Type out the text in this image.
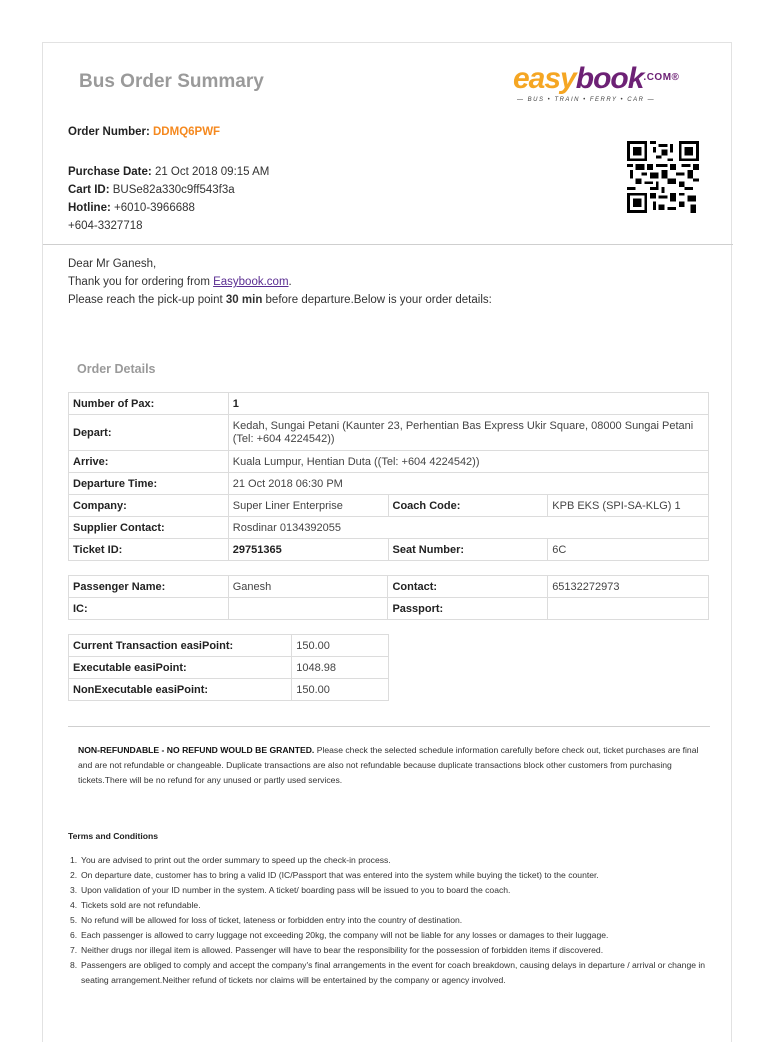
Bus Order Summary	easybook$^{.COM®}$
— BUS • TRAIN • FERRY • CAR —
Order Number: DDMQ6PWF
Purchase Date: 21 Oct 2018 09:15 AM
Cart ID: BUSe82a330c9ff543f3a
Hotline: +6010-3966688
+604-3327718
Dear Mr Ganesh,
Thank you for ordering from Easybook.com.
Please reach the pick-up point 30 min before departure.Below is your order details:
Order Details
Number of Pax:	1		
Depart:	Kedah, Sungai Petani (Kaunter 23, Perhentian Bas Express Ukir Square, 08000 Sungai Petani (Tel: +604 4224542))		
Arrive:	Kuala Lumpur, Hentian Duta ((Tel: +604 4224542))		
Departure Time:	21 Oct 2018 06:30 PM		
Company:	Super Liner Enterprise	Coach Code:	KPB EKS (SPI-SA-KLG) 1
Supplier Contact:	Rosdinar 0134392055		
Ticket ID:	29751365	Seat Number:	6C
Passenger Name:	Ganesh	Contact:	65132272973
IC:		Passport:	
Current Transaction easiPoint:	150.00
Executable easiPoint:	1048.98
NonExecutable easiPoint:	150.00
NON-REFUNDABLE - NO REFUND WOULD BE GRANTED. Please check the selected schedule information carefully before check out, ticket purchases are final and are not refundable or changeable. Duplicate transactions are also not refundable because duplicate transactions block other customers from purchasing tickets.There will be no refund for any unused or partly used services.
Terms and Conditions
1. You are advised to print out the order summary to speed up the check-in process.
2. On departure date, customer has to bring a valid ID (IC/Passport that was entered into the system while buying the ticket) to the counter.
3. Upon validation of your ID number in the system. A ticket/ boarding pass will be issued to you to board the coach.
4. Tickets sold are not refundable.
5. No refund will be allowed for loss of ticket, lateness or forbidden entry into the country of destination.
6. Each passenger is allowed to carry luggage not exceeding 20kg, the company will not be liable for any losses or damages to their luggage.
7. Neither drugs nor illegal item is allowed. Passenger will have to bear the responsibility for the possession of forbidden items if discovered.
8. Passengers are obliged to comply and accept the company's final arrangements in the event for coach breakdown, causing delays in departure / arrival or change in seating arrangement.Neither refund of tickets nor claims will be entertained by the company or agency involved.
